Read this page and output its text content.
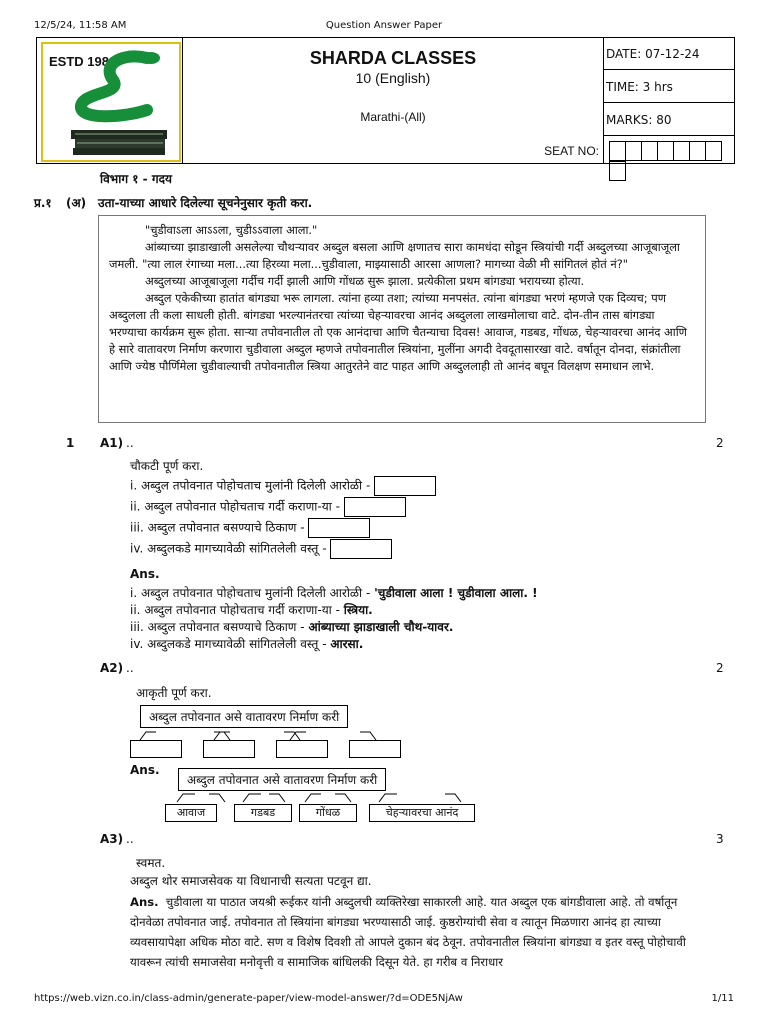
12/5/24, 11:58 AM	Question Answer Paper
ESTD 1989	SHARDA CLASSES
10 (English)
Marathi-(All)
SEAT NO:
DATE: 07-12-24
TIME: 3 hrs
MARKS: 80
विभाग १ - गदय
प्र.१ (अ) उता-याच्या आधारे दिलेल्या सूचनेनुसार कृती करा.
"चुडीवाऽला आऽऽला, चुडीऽऽवाला आला."
आंब्याच्या झाडाखाली असलेल्या चौथऱ्यावर अब्दुल बसला आणि क्षणातच सारा कामधंदा सोडून स्त्रियांची गर्दी अब्दुलच्या आजूबाजूला जमली. "त्या लाल रंगाच्या मला...त्या हिरव्या मला...चुडीवाला, माझ्यासाठी आरसा आणला? मागच्या वेळी मी सांगितलं होतं नं?"
अब्दुलच्या आजूबाजूला गर्दीच गर्दी झाली आणि गोंधळ सुरू झाला. प्रत्येकीला प्रथम बांगड्या भरायच्या होत्या.
अब्दुल एकेकीच्या हातांत बांगड्या भरू लागला. त्यांना हव्या तशा; त्यांच्या मनपसंत. त्यांना बांगड्या भरणं म्हणजे एक दिव्यच; पण अब्दुलला ती कला साधली होती. बांगड्या भरल्यानंतरचा त्यांच्या चेहऱ्यावरचा आनंद अब्दुलला लाखमोलाचा वाटे. दोन-तीन तास बांगड्या भरण्याचा कार्यक्रम सुरू होता. साऱ्या तपोवनातील तो एक आनंदाचा आणि चैतन्याचा दिवस! आवाज, गडबड, गोंधळ, चेहऱ्यावरचा आनंद आणि हे सारे वातावरण निर्माण करणारा चुडीवाला अब्दुल म्हणजे तपोवनातील स्त्रियांना, मुलींना अगदी देवदूतासारखा वाटे. वर्षातून दोनदा, संक्रांतीला आणि ज्येष्ठ पौर्णिमेला चुडीवाल्याची तपोवनातील स्त्रिया आतुरतेने वाट पाहत आणि अब्दुललाही तो आनंद बघून विलक्षण समाधान लाभे.
1 A1) ..	2
चौकटी पूर्ण करा.
i. अब्दुल तपोवनात पोहोचताच मुलांनी दिलेली आरोळी -
ii. अब्दुल तपोवनात पोहोचताच गर्दी कराणा-या -
iii. अब्दुल तपोवनात बसण्याचे ठिकाण -
iv. अब्दुलकडे मागच्यावेळी सांगितलेली वस्तू -
Ans.
i. अब्दुल तपोवनात पोहोचताच मुलांनी दिलेली आरोळी - 'चुडीवाला आला ! चुडीवाला आला. !
ii. अब्दुल तपोवनात पोहोचताच गर्दी कराणा-या - स्त्रिया.
iii. अब्दुल तपोवनात बसण्याचे ठिकाण - आंब्याच्या झाडाखाली चौथ-यावर.
iv. अब्दुलकडे मागच्यावेळी सांगितलेली वस्तू - आरसा.
A2) ..	2
आकृती पूर्ण करा.
अब्दुल तपोवनात असे वातावरण निर्माण करी
Ans.
अब्दुल तपोवनात असे वातावरण निर्माण करी
आवाज	गडबड	गोंधळ	चेहऱ्यावरचा आनंद
A3) ..	3
स्वमत.
अब्दुल थोर समाजसेवक या विधानाची सत्यता पटवून द्या.
Ans. चुडीवाला या पाठात जयश्री रूईकर यांनी अब्दुलची व्यक्तिरेखा साकारली आहे. यात अब्दुल एक बांगडीवाला आहे. तो वर्षातून दोनवेळा तपोवनात जाई. तपोवनात तो स्त्रियांना बांगड्या भरण्यासाठी जाई. कुष्ठरोग्यांची सेवा व त्यातून मिळणारा आनंद हा त्याच्या व्यवसायापेक्षा अधिक मोठा वाटे. सण व विशेष दिवशी तो आपले दुकान बंद ठेवून. तपोवनातील स्त्रियांना बांगड्या व इतर वस्तू पोहोचावी यावरून त्यांची समाजसेवा मनोवृत्ती व सामाजिक बांधिलकी दिसून येते. हा गरीब व निराधार
https://web.vizn.co.in/class-admin/generate-paper/view-model-answer/?d=ODE5NjAw	1/11
